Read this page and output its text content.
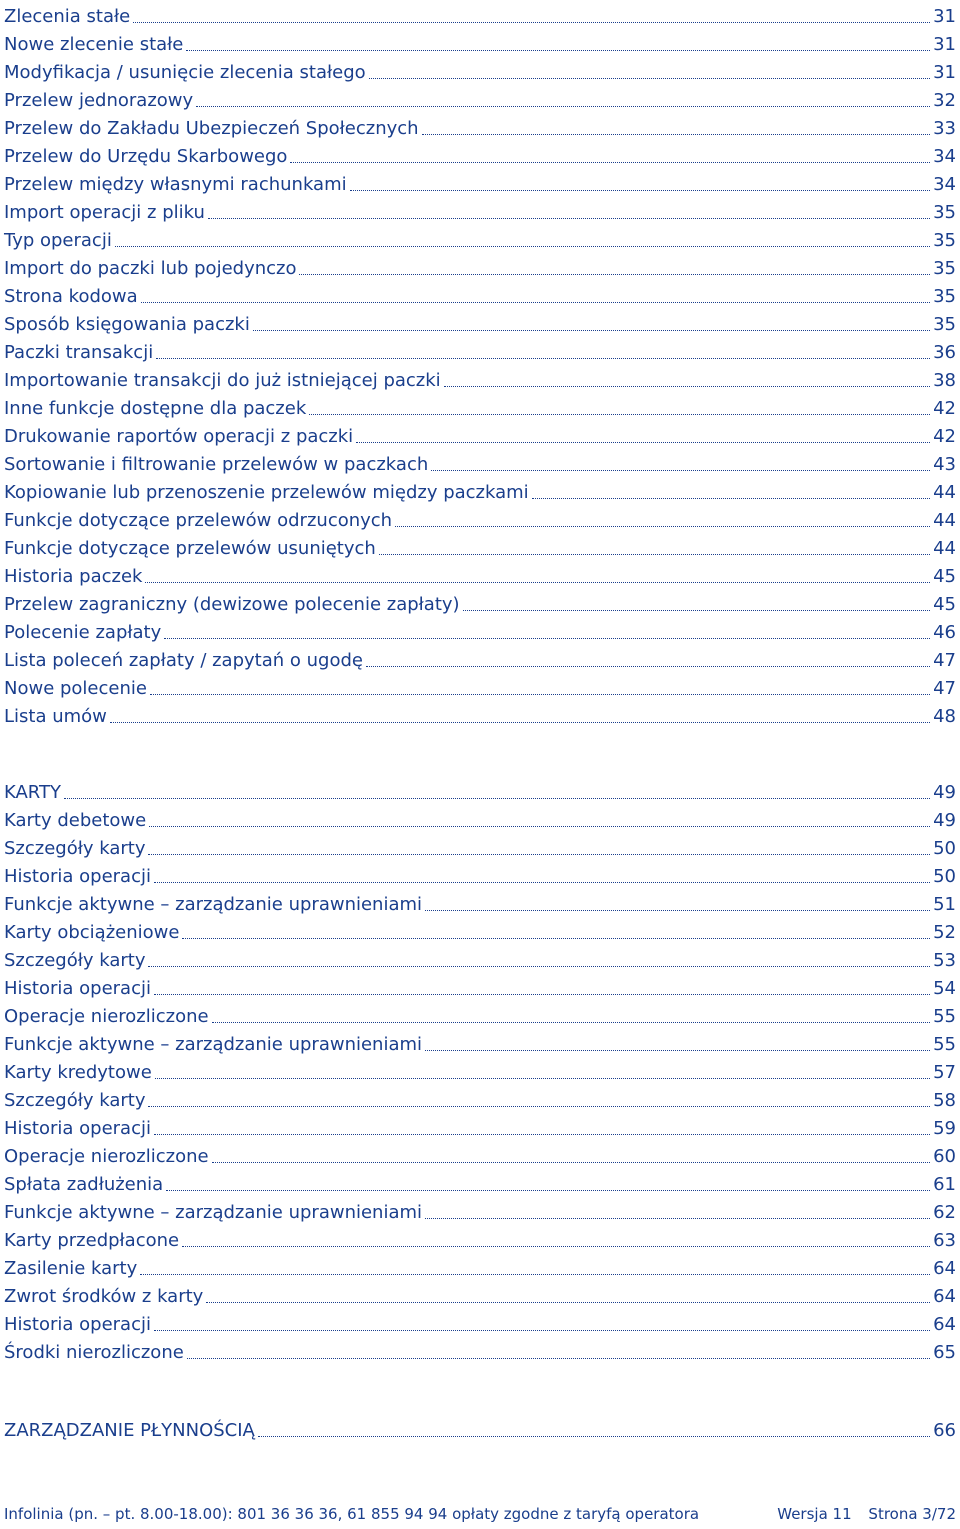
Zlecenia stałe	31
Nowe zlecenie stałe	31
Modyfikacja / usunięcie zlecenia stałego	31
Przelew jednorazowy	32
Przelew do Zakładu Ubezpieczeń Społecznych	33
Przelew do Urzędu Skarbowego	34
Przelew między własnymi rachunkami	34
Import operacji z pliku	35
Typ operacji	35
Import do paczki lub pojedynczo	35
Strona kodowa	35
Sposób księgowania paczki	35
Paczki transakcji	36
Importowanie transakcji do już istniejącej paczki	38
Inne funkcje dostępne dla paczek	42
Drukowanie raportów operacji z paczki	42
Sortowanie i filtrowanie przelewów w paczkach	43
Kopiowanie lub przenoszenie przelewów między paczkami	44
Funkcje dotyczące przelewów odrzuconych	44
Funkcje dotyczące przelewów usuniętych	44
Historia paczek	45
Przelew zagraniczny (dewizowe polecenie zapłaty)	45
Polecenie zapłaty	46
Lista poleceń zapłaty / zapytań o ugodę	47
Nowe polecenie	47
Lista umów	48
KARTY	49
Karty debetowe	49
Szczegóły karty	50
Historia operacji	50
Funkcje aktywne – zarządzanie uprawnieniami	51
Karty obciążeniowe	52
Szczegóły karty	53
Historia operacji	54
Operacje nierozliczone	55
Funkcje aktywne – zarządzanie uprawnieniami	55
Karty kredytowe	57
Szczegóły karty	58
Historia operacji	59
Operacje nierozliczone	60
Spłata zadłużenia	61
Funkcje aktywne – zarządzanie uprawnieniami	62
Karty przedpłacone	63
Zasilenie karty	64
Zwrot środków z karty	64
Historia operacji	64
Środki nierozliczone	65
ZARZĄDZANIE PŁYNNOŚCIĄ	66
Infolinia (pn. – pt. 8.00-18.00): 801 36 36 36, 61 855 94 94 opłaty zgodne z taryfą operatora	Wersja 11 Strona 3/72
